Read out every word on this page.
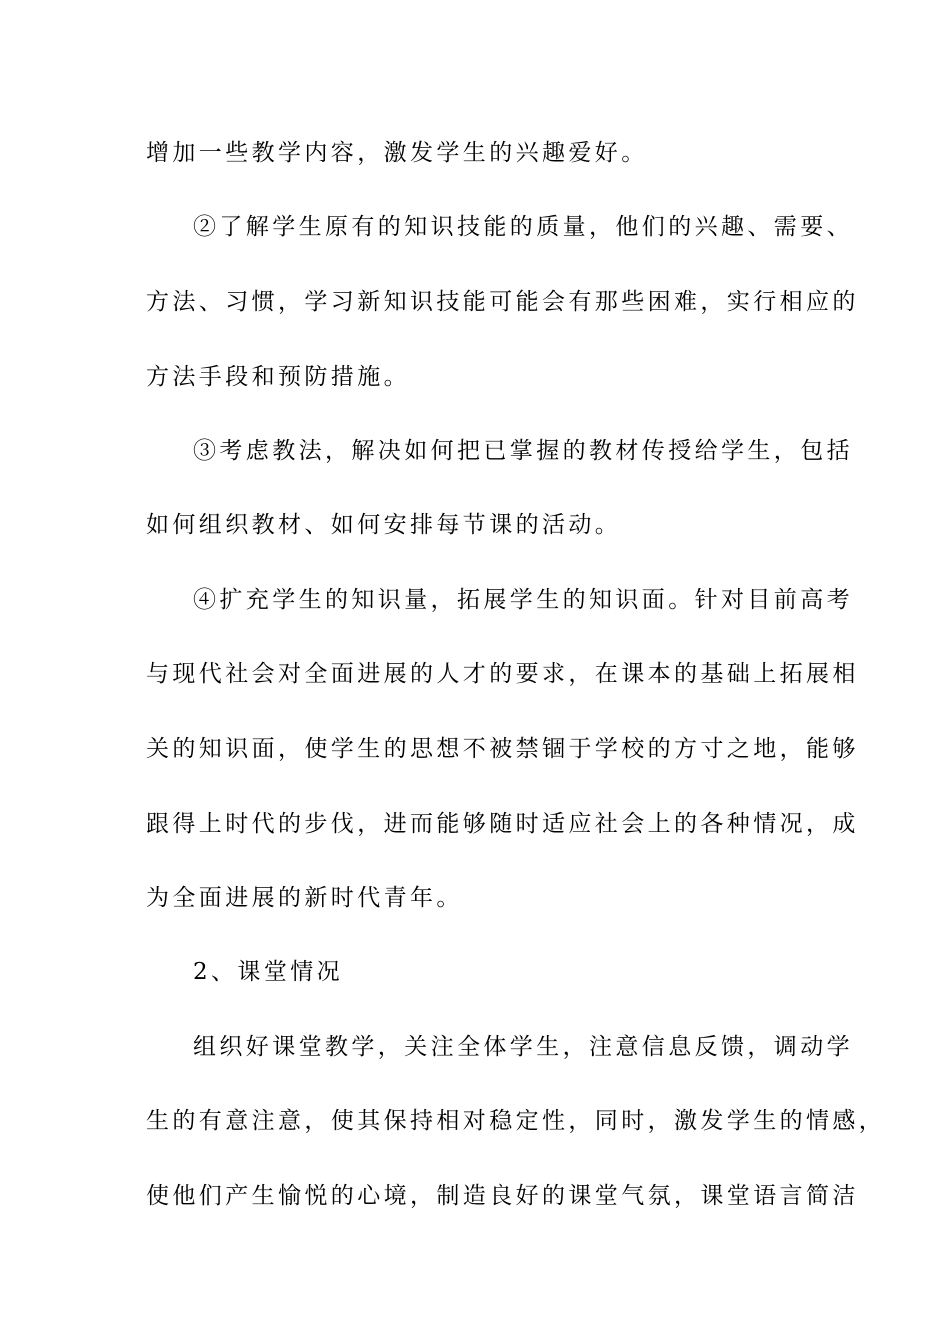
增加一些教学内容，激发学生的兴趣爱好。
②了解学生原有的知识技能的质量，他们的兴趣、需要、
方法、习惯，学习新知识技能可能会有那些困难，实行相应的
方法手段和预防措施。
③考虑教法，解决如何把已掌握的教材传授给学生，包括
如何组织教材、如何安排每节课的活动。
④扩充学生的知识量，拓展学生的知识面。针对目前高考
与现代社会对全面进展的人才的要求，在课本的基础上拓展相
关的知识面，使学生的思想不被禁锢于学校的方寸之地，能够
跟得上时代的步伐，进而能够随时适应社会上的各种情况，成
为全面进展的新时代青年。
2、课堂情况
组织好课堂教学，关注全体学生，注意信息反馈，调动学
生的有意注意，使其保持相对稳定性，同时，激发学生的情感，
使他们产生愉悦的心境，制造良好的课堂气氛，课堂语言简洁
